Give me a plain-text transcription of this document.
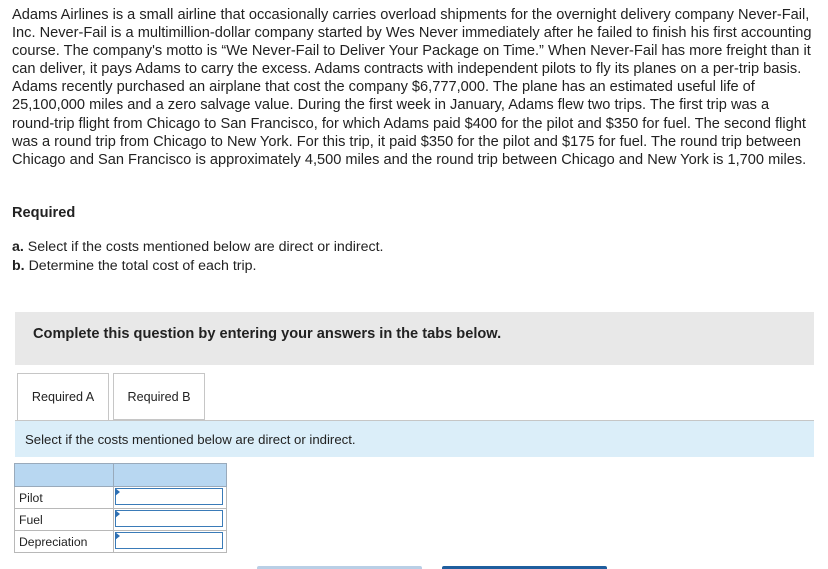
Adams Airlines is a small airline that occasionally carries overload shipments for the overnight delivery company Never-Fail, Inc. Never-Fail is a multimillion-dollar company started by Wes Never immediately after he failed to finish his first accounting course. The company's motto is “We Never-Fail to Deliver Your Package on Time.” When Never-Fail has more freight than it can deliver, it pays Adams to carry the excess. Adams contracts with independent pilots to fly its planes on a per-trip basis. Adams recently purchased an airplane that cost the company $6,777,000. The plane has an estimated useful life of 25,100,000 miles and a zero salvage value. During the first week in January, Adams flew two trips. The first trip was a round-trip flight from Chicago to San Francisco, for which Adams paid $400 for the pilot and $350 for fuel. The second flight was a round trip from Chicago to New York. For this trip, it paid $350 for the pilot and $175 for fuel. The round trip between Chicago and San Francisco is approximately 4,500 miles and the round trip between Chicago and New York is 1,700 miles.

Required

a. Select if the costs mentioned below are direct or indirect.
b. Determine the total cost of each trip.
Complete this question by entering your answers in the tabs below.
Required A	Required B
Select if the costs mentioned below are direct or indirect.

Pilot	

Fuel	

Depreciation	
